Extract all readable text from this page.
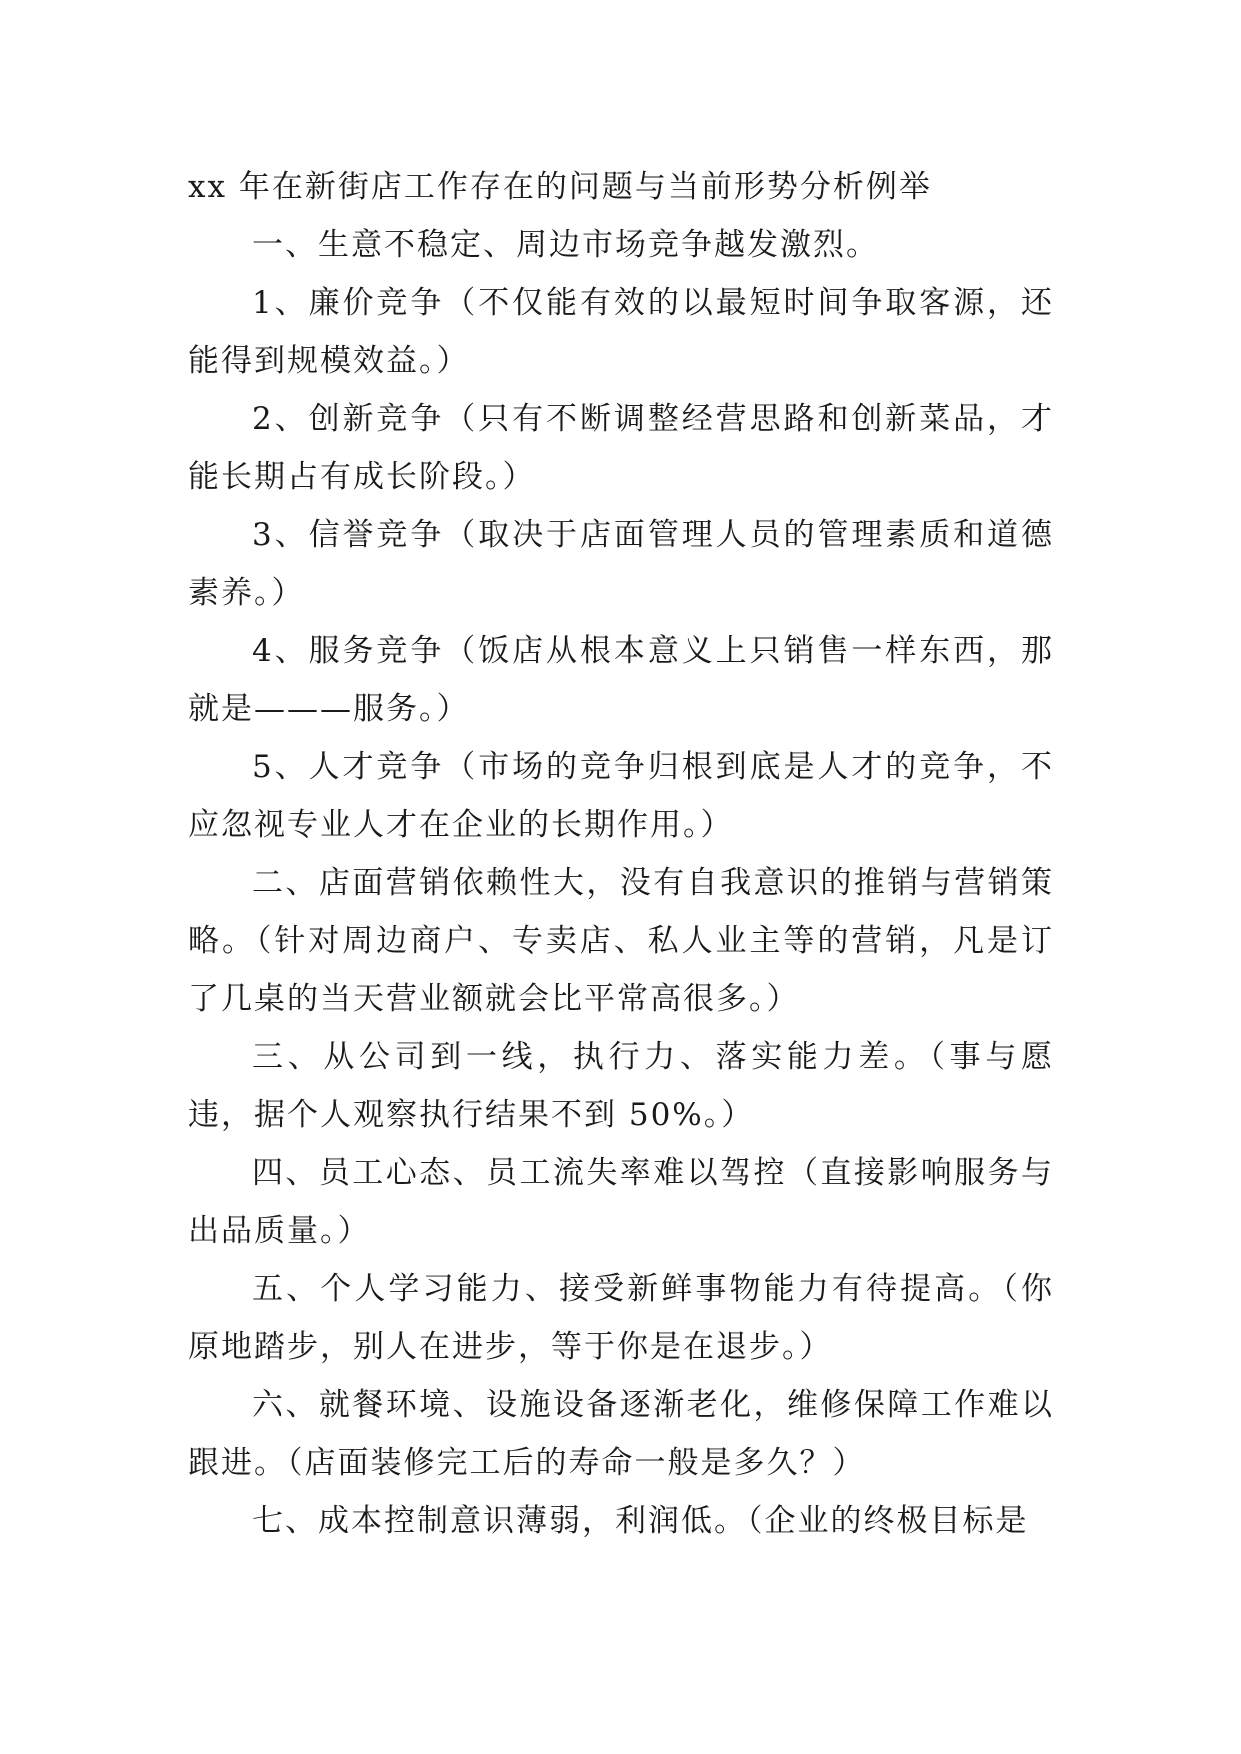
xx 年在新街店工作存在的问题与当前形势分析例举

一、生意不稳定、周边市场竞争越发激烈。

1、廉价竞争（不仅能有效的以最短时间争取客源，还能得到规模效益。）

2、创新竞争（只有不断调整经营思路和创新菜品，才能长期占有成长阶段。）

3、信誉竞争（取决于店面管理人员的管理素质和道德素养。）

4、服务竞争（饭店从根本意义上只销售一样东西，那就是———服务。）

5、人才竞争（市场的竞争归根到底是人才的竞争，不应忽视专业人才在企业的长期作用。）

二、店面营销依赖性大，没有自我意识的推销与营销策略。（针对周边商户、专卖店、私人业主等的营销，凡是订了几桌的当天营业额就会比平常高很多。）

三、从公司到一线，执行力、落实能力差。（事与愿违，据个人观察执行结果不到 50%。）

四、员工心态、员工流失率难以驾控（直接影响服务与出品质量。）

五、个人学习能力、接受新鲜事物能力有待提高。（你原地踏步，别人在进步，等于你是在退步。）

六、就餐环境、设施设备逐渐老化，维修保障工作难以跟进。（店面装修完工后的寿命一般是多久？）

七、成本控制意识薄弱，利润低。（企业的终极目标是
